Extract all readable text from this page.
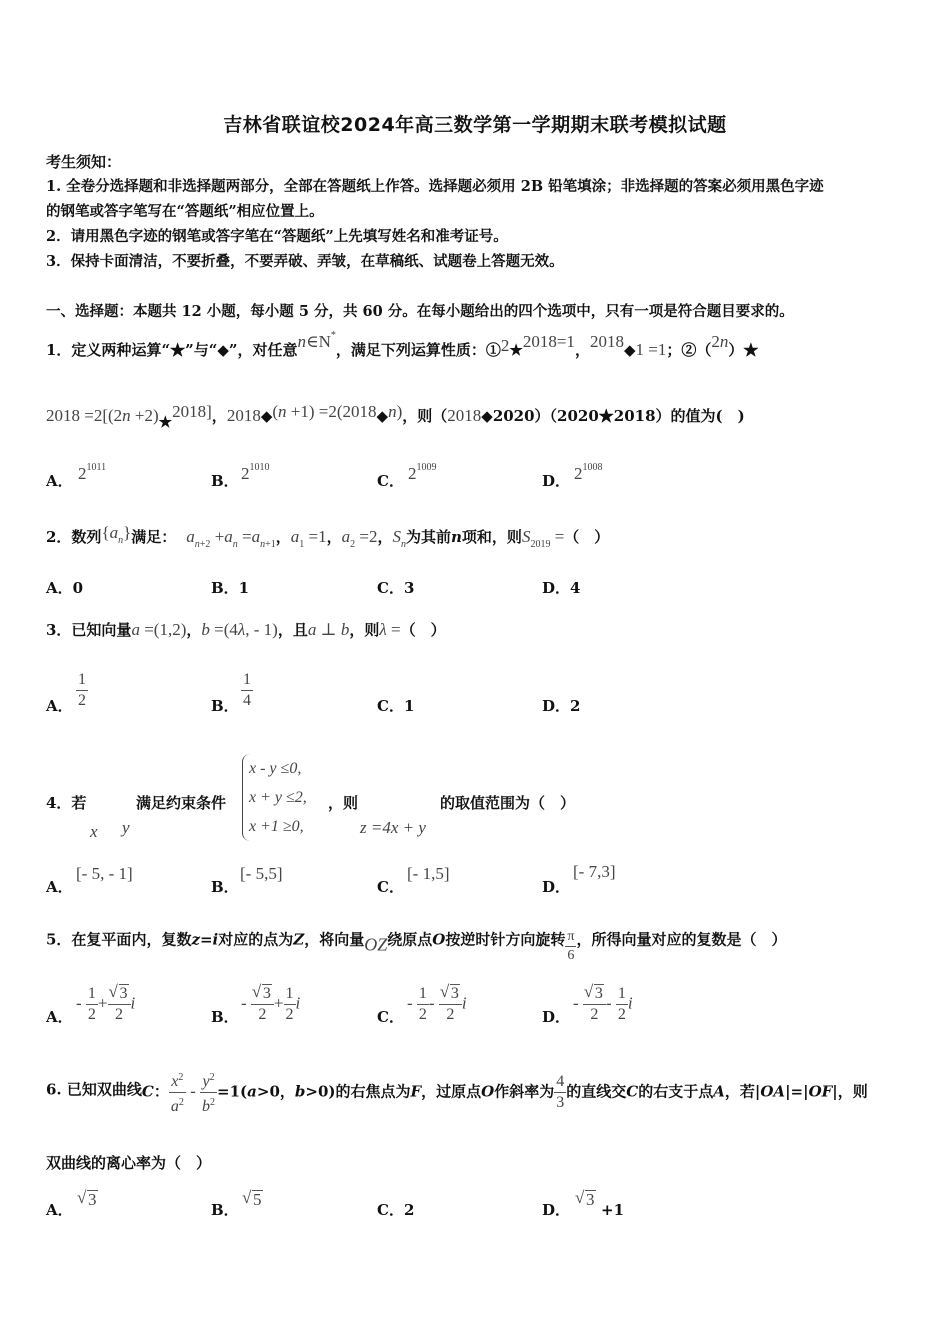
吉林省联谊校2024年高三数学第一学期期末联考模拟试题
考生须知：
1. 全卷分选择题和非选择题两部分，全部在答题纸上作答。选择题必须用 2B 铅笔填涂；非选择题的答案必须用黑色字迹
的钢笔或答字笔写在“答题纸”相应位置上。
2．请用黑色字迹的钢笔或答字笔在“答题纸”上先填写姓名和准考证号。
3．保持卡面清洁，不要折叠，不要弄破、弄皱，在草稿纸、试题卷上答题无效。
一、选择题：本题共 12 小题，每小题 5 分，共 60 分。在每小题给出的四个选项中，只有一项是符合题目要求的。
1．定义两种运算“★”与“◆”，对任意n∈N*，满足下列运算性质：①2★2018=1，2018◆1 =1；②（2n）★
2018 =2[(2n +2)★2018]，2018◆(n +1) =2(2018◆n)，则（2018◆2020）（2020★2018）的值为(　)
A． $2^{1011}$
B． $2^{1010}$
C． $2^{1009}$
D． $2^{1008}$
2．数列$\{a_n\}$满足： $a_{n+2} +a_n =a_{n+1}$，$a_1 =1$，$a_2 =2$，$S_n$为其前n项和，则$S_{2019}$ =（　）
A．0	B．1	C．3	D．4
3．已知向量a =(1,2)，b =(4λ, - 1)，且a ⊥ b，则λ =（　）
A． $\frac{1}{2}$	B． $\frac{1}{4}$	C．1	D．2
4．若
x y
满足约束条件
x - y ≤0,
x + y ≤2,
x +1 ≥0,
，则
z =4x + y
的取值范围为（　）
A．
[- 5, - 1]
B．
[- 5,5]
C．
[- 1,5]
D．
[- 7,3]
5．在复平面内，复数z=i对应的点为Z，将向量OZ绕原点O按逆时针方向旋转 $\frac{\pi}{6}$ ，所得向量对应的复数是（　）
A．
- $\frac{1}{2}$ + √ $\frac{3}{2}$ i
B．
- √ $\frac{3}{2} + \frac{1}{2}$ i
C．
- $\frac{1}{2}$ - √ $\frac{3}{2}$ i
D．
- √ $\frac{3}{2} - \frac{1}{2}$ i
6. 已知双曲线C： $\frac{x^2}{a^2} - \frac{y^2}{b^2} =1(a>0$，b>0)的右焦点为F，过原点O作斜率为 $\frac{4}{3}$ 的直线交C的右支于点A，若|OA|=|OF|，则
双曲线的离心率为（　）
A．
√ 3
B．
√ 5
C．2	D．
√ 3
+1
